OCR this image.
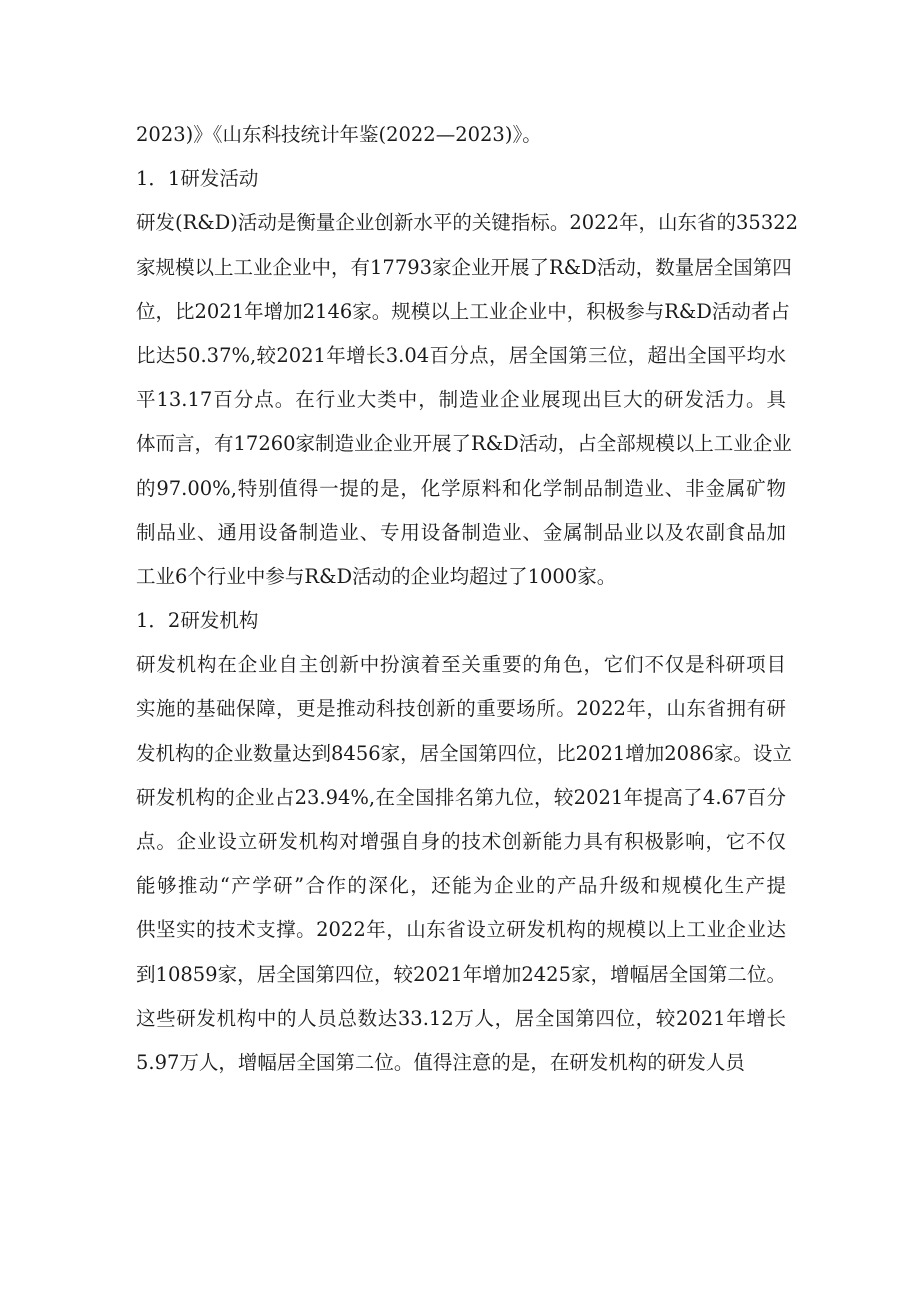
2023)》《山东科技统计年鉴(2022—2023)》。
1．1研发活动
研发(R&D)活动是衡量企业创新水平的关键指标。2022年，山东省的35322
家规模以上工业企业中，有17793家企业开展了R&D活动，数量居全国第四
位，比2021年增加2146家。规模以上工业企业中，积极参与R&D活动者占
比达50.37%,较2021年增长3.04百分点，居全国第三位，超出全国平均水
平13.17百分点。在行业大类中，制造业企业展现出巨大的研发活力。具
体而言，有17260家制造业企业开展了R&D活动，占全部规模以上工业企业
的97.00%,特别值得一提的是，化学原料和化学制品制造业、非金属矿物
制品业、通用设备制造业、专用设备制造业、金属制品业以及农副食品加
工业6个行业中参与R&D活动的企业均超过了1000家。
1．2研发机构
研发机构在企业自主创新中扮演着至关重要的角色，它们不仅是科研项目
实施的基础保障，更是推动科技创新的重要场所。2022年，山东省拥有研
发机构的企业数量达到8456家，居全国第四位，比2021增加2086家。设立
研发机构的企业占23.94%,在全国排名第九位，较2021年提高了4.67百分
点。企业设立研发机构对增强自身的技术创新能力具有积极影响，它不仅
能够推动“产学研”合作的深化，还能为企业的产品升级和规模化生产提
供坚实的技术支撑。2022年，山东省设立研发机构的规模以上工业企业达
到10859家，居全国第四位，较2021年增加2425家，增幅居全国第二位。
这些研发机构中的人员总数达33.12万人，居全国第四位，较2021年增长
5.97万人，增幅居全国第二位。值得注意的是，在研发机构的研发人员
